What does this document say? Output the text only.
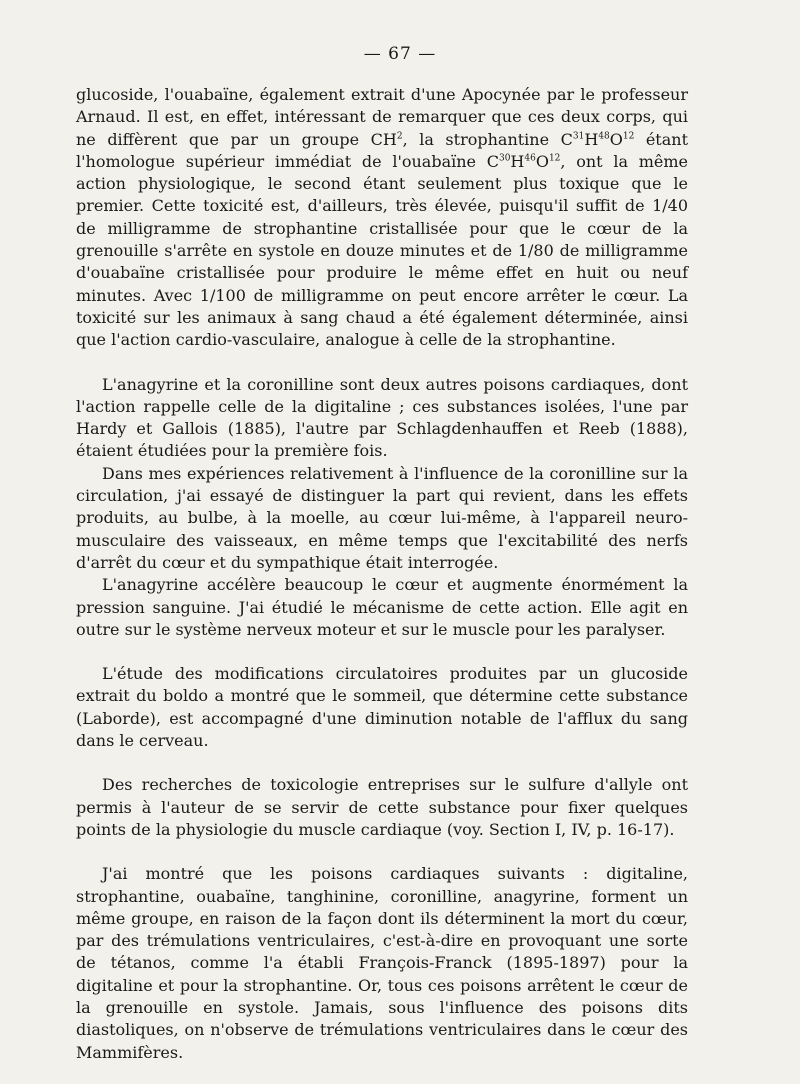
— 67 —

glucoside, l'ouabaïne, également extrait d'une Apocynée par le professeur Arnaud. Il est, en effet, intéressant de remarquer que ces deux corps, qui ne diffèrent que par un groupe $CH^2$, la strophantine $C^{31}H^{48}O^{12}$ étant l'homologue supérieur immédiat de l'ouabaïne $C^{30}H^{46}O^{12}$, ont la même action physiologique, le second étant seulement plus toxique que le premier. Cette toxicité est, d'ailleurs, très élevée, puisqu'il suffit de 1/40 de milligramme de strophantine cristallisée pour que le cœur de la grenouille s'arrête en systole en douze minutes et de 1/80 de milligramme d'ouabaïne cristallisée pour produire le même effet en huit ou neuf minutes. Avec 1/100 de milligramme on peut encore arrêter le cœur. La toxicité sur les animaux à sang chaud a été également déterminée, ainsi que l'action cardio-vasculaire, analogue à celle de la strophantine.

L'anagyrine et la coronilline sont deux autres poisons cardiaques, dont l'action rappelle celle de la digitaline ; ces substances isolées, l'une par Hardy et Gallois (1885), l'autre par Schlagdenhauffen et Reeb (1888), étaient étudiées pour la première fois.

Dans mes expériences relativement à l'influence de la coronilline sur la circulation, j'ai essayé de distinguer la part qui revient, dans les effets produits, au bulbe, à la moelle, au cœur lui-même, à l'appareil neuro-musculaire des vaisseaux, en même temps que l'excitabilité des nerfs d'arrêt du cœur et du sympathique était interrogée.

L'anagyrine accélère beaucoup le cœur et augmente énormément la pression sanguine. J'ai étudié le mécanisme de cette action. Elle agit en outre sur le système nerveux moteur et sur le muscle pour les paralyser.

L'étude des modifications circulatoires produites par un glucoside extrait du boldo a montré que le sommeil, que détermine cette substance (Laborde), est accompagné d'une diminution notable de l'afflux du sang dans le cerveau.

Des recherches de toxicologie entreprises sur le sulfure d'allyle ont permis à l'auteur de se servir de cette substance pour fixer quelques points de la physiologie du muscle cardiaque (voy. Section I, IV, p. 16-17).

J'ai montré que les poisons cardiaques suivants : digitaline, strophantine, ouabaïne, tanghinine, coronilline, anagyrine, forment un même groupe, en raison de la façon dont ils déterminent la mort du cœur, par des trémulations ventriculaires, c'est-à-dire en provoquant une sorte de tétanos, comme l'a établi François-Franck (1895-1897) pour la digitaline et pour la strophantine. Or, tous ces poisons arrêtent le cœur de la grenouille en systole. Jamais, sous l'influence des poisons dits diastoliques, on n'observe de trémulations ventriculaires dans le cœur des Mammifères.
